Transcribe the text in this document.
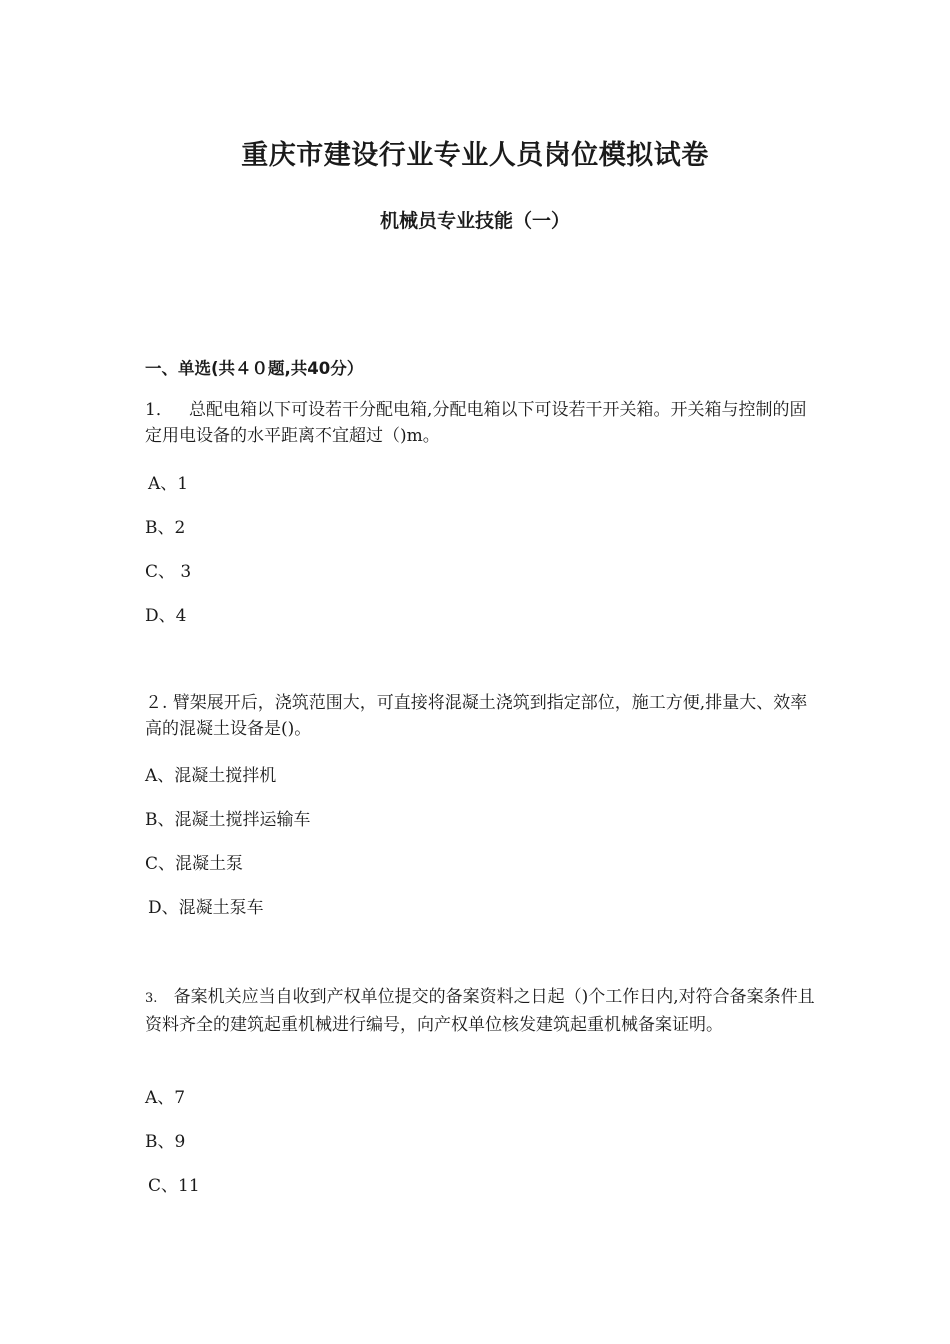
重庆市建设行业专业人员岗位模拟试卷
机械员专业技能（一）
一、单选(共４０题,共40分）

1． 总配电箱以下可设若干分配电箱,分配电箱以下可设若干开关箱。开关箱与控制的固定用电设备的水平距离不宜超过（)m。

A、1
B、2
C、 3
D、4

２. 臂架展开后，浇筑范围大，可直接将混凝土浇筑到指定部位，施工方便,排量大、效率高的混凝土设备是()。

A、混凝土搅拌机
B、混凝土搅拌运输车
C、混凝土泵
D、混凝土泵车

3. 备案机关应当自收到产权单位提交的备案资料之日起（)个工作日内,对符合备案条件且资料齐全的建筑起重机械进行编号，向产权单位核发建筑起重机械备案证明。

A、7
B、9
C、11
